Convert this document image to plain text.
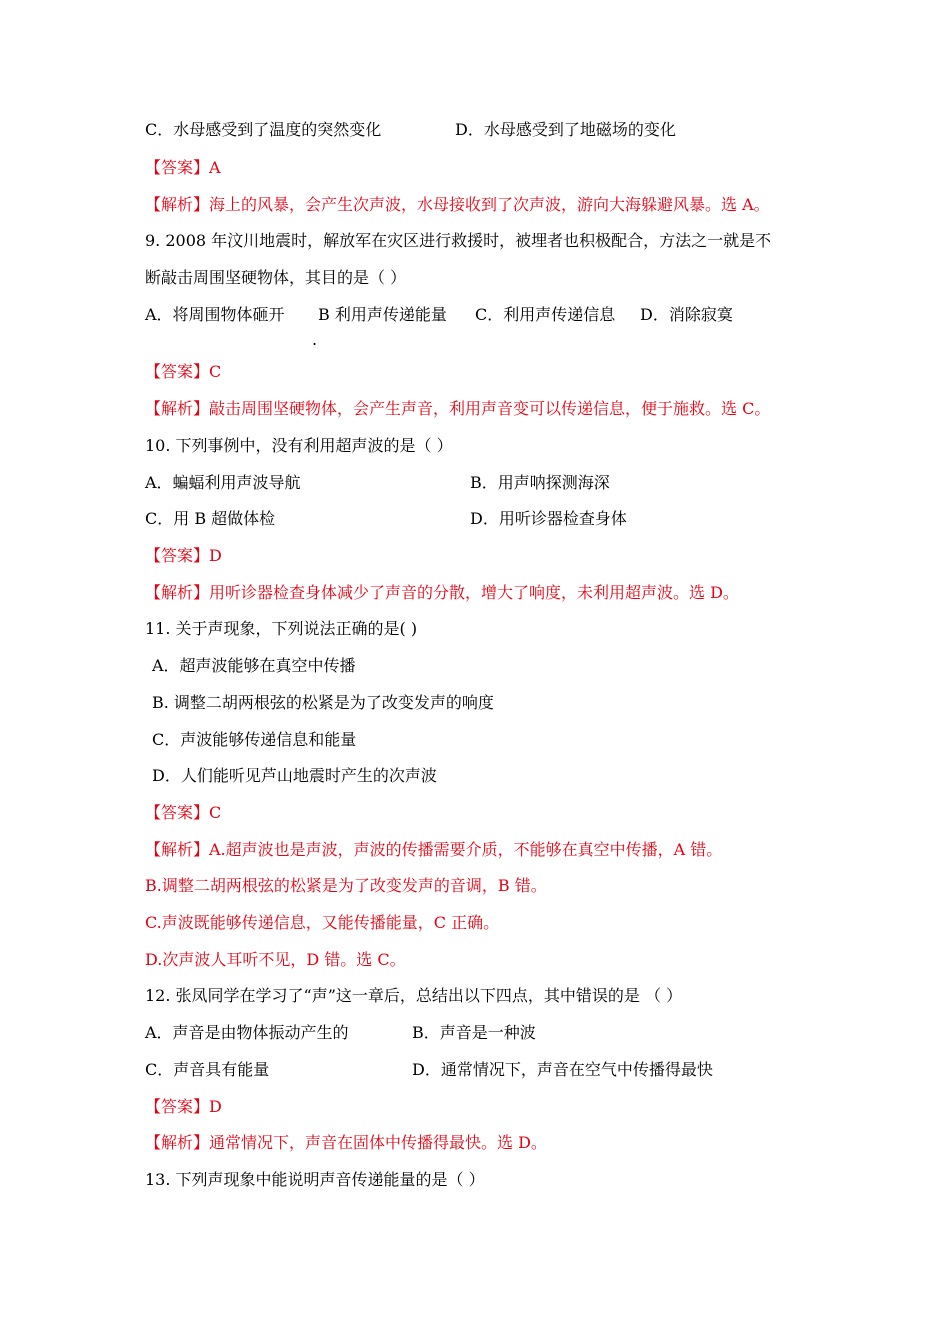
C．水母感受到了温度的突然变化	D．水母感受到了地磁场的变化
【答案】A
【解析】海上的风暴，会产生次声波，水母接收到了次声波，游向大海躲避风暴。选 A。
9. 2008 年汶川地震时，解放军在灾区进行救援时，被埋者也积极配合，方法之一就是不
断敲击周围坚硬物体，其目的是（ ）
A．将周围物体砸开 B 利用声传递能量 C．利用声传递信息 D．消除寂寞
.
【答案】C
【解析】敲击周围坚硬物体，会产生声音，利用声音变可以传递信息，便于施救。选 C。
10. 下列事例中，没有利用超声波的是（ ）
A．蝙蝠利用声波导航	B．用声呐探测海深
C．用 B 超做体检	D．用听诊器检查身体
【答案】D
【解析】用听诊器检查身体减少了声音的分散，增大了响度，未利用超声波。选 D。
11. 关于声现象，下列说法正确的是( )
A．超声波能够在真空中传播
B. 调整二胡两根弦的松紧是为了改变发声的响度
C．声波能够传递信息和能量
D．人们能听见芦山地震时产生的次声波
【答案】C
【解析】A.超声波也是声波，声波的传播需要介质，不能够在真空中传播，A 错。
B.调整二胡两根弦的松紧是为了改变发声的音调，B 错。
C.声波既能够传递信息，又能传播能量，C 正确。
D.次声波人耳听不见，D 错。选 C。
12. 张凤同学在学习了“声”这一章后，总结出以下四点，其中错误的是 （ ）
A．声音是由物体振动产生的	B．声音是一种波
C．声音具有能量	D．通常情况下，声音在空气中传播得最快
【答案】D
【解析】通常情况下，声音在固体中传播得最快。选 D。
13. 下列声现象中能说明声音传递能量的是（ ）
